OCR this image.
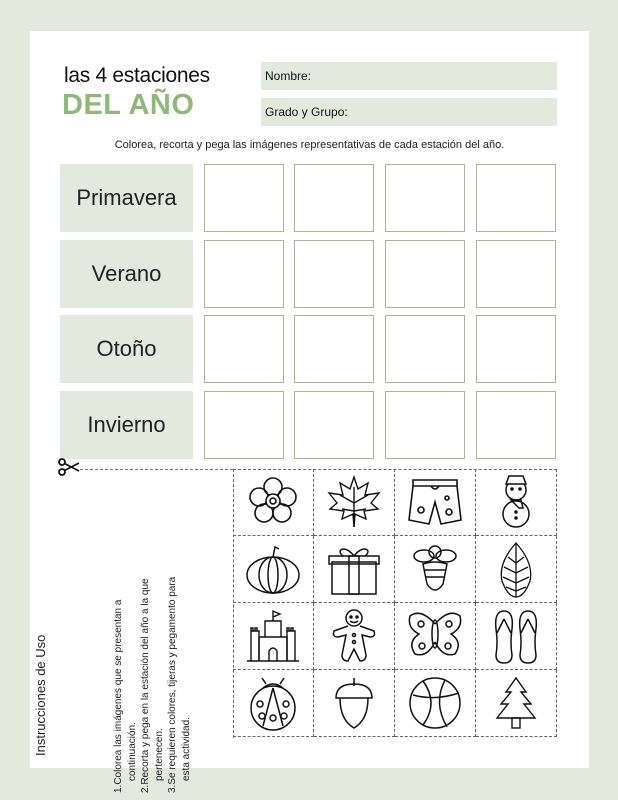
las 4 estaciones
DEL AÑO
Nombre:
Grado y Grupo:
Colorea, recorta y pega las imágenes representativas de cada estación del año.
Primavera
Verano
Otoño
Invierno
Instrucciones de Uso	1.Colorea las imágenes que se presentan a continuación. 2.Recorta y pega en la estación del año a la que pertenecen. 3.Se requieren colores, tijeras y pegamento para esta actividad.
